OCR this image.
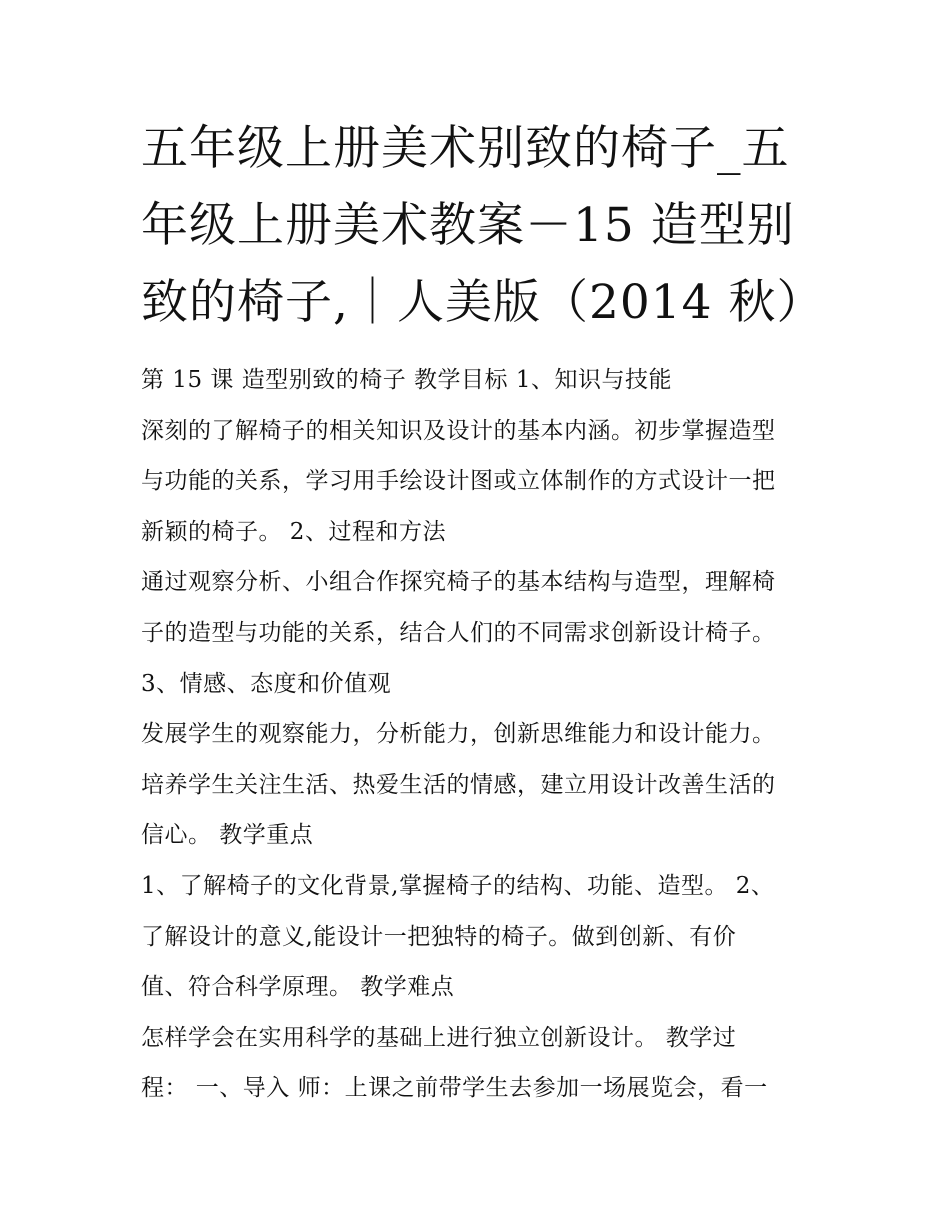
五年级上册美术别致的椅子_五
年级上册美术教案－15 造型别
致的椅子,｜人美版（2014 秋）
第 15 课 造型别致的椅子 教学目标 1、知识与技能
深刻的了解椅子的相关知识及设计的基本内涵。初步掌握造型
与功能的关系，学习用手绘设计图或立体制作的方式设计一把
新颖的椅子。 2、过程和方法
通过观察分析、小组合作探究椅子的基本结构与造型，理解椅
子的造型与功能的关系，结合人们的不同需求创新设计椅子。
3、情感、态度和价值观
发展学生的观察能力，分析能力，创新思维能力和设计能力。
培养学生关注生活、热爱生活的情感，建立用设计改善生活的
信心。 教学重点
1、了解椅子的文化背景,掌握椅子的结构、功能、造型。 2、
了解设计的意义,能设计一把独特的椅子。做到创新、有价
值、符合科学原理。 教学难点
怎样学会在实用科学的基础上进行独立创新设计。 教学过
程： 一、导入 师：上课之前带学生去参加一场展览会，看一
